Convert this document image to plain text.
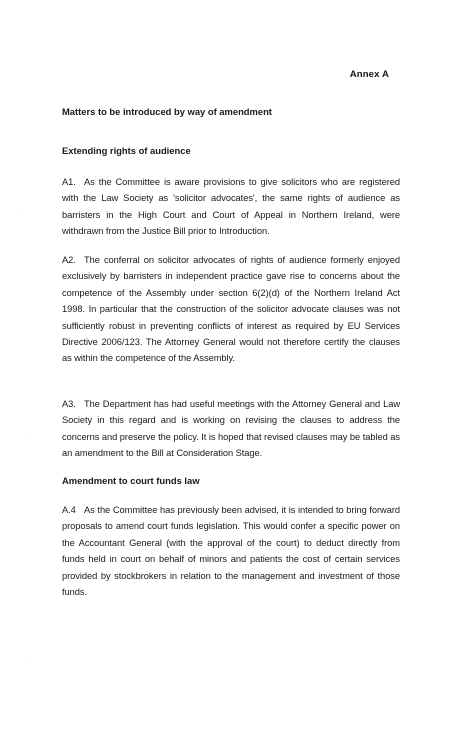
Annex A
Matters to be introduced by way of amendment
Extending rights of audience
A1. As the Committee is aware provisions to give solicitors who are registered with the Law Society as 'solicitor advocates', the same rights of audience as barristers in the High Court and Court of Appeal in Northern Ireland, were withdrawn from the Justice Bill prior to Introduction.
A2. The conferral on solicitor advocates of rights of audience formerly enjoyed exclusively by barristers in independent practice gave rise to concerns about the competence of the Assembly under section 6(2)(d) of the Northern Ireland Act 1998. In particular that the construction of the solicitor advocate clauses was not sufficiently robust in preventing conflicts of interest as required by EU Services Directive 2006/123. The Attorney General would not therefore certify the clauses as within the competence of the Assembly.
A3. The Department has had useful meetings with the Attorney General and Law Society in this regard and is working on revising the clauses to address the concerns and preserve the policy. It is hoped that revised clauses may be tabled as an amendment to the Bill at Consideration Stage.
Amendment to court funds law
A.4 As the Committee has previously been advised, it is intended to bring forward proposals to amend court funds legislation. This would confer a specific power on the Accountant General (with the approval of the court) to deduct directly from funds held in court on behalf of minors and patients the cost of certain services provided by stockbrokers in relation to the management and investment of those funds.
·
·
·
